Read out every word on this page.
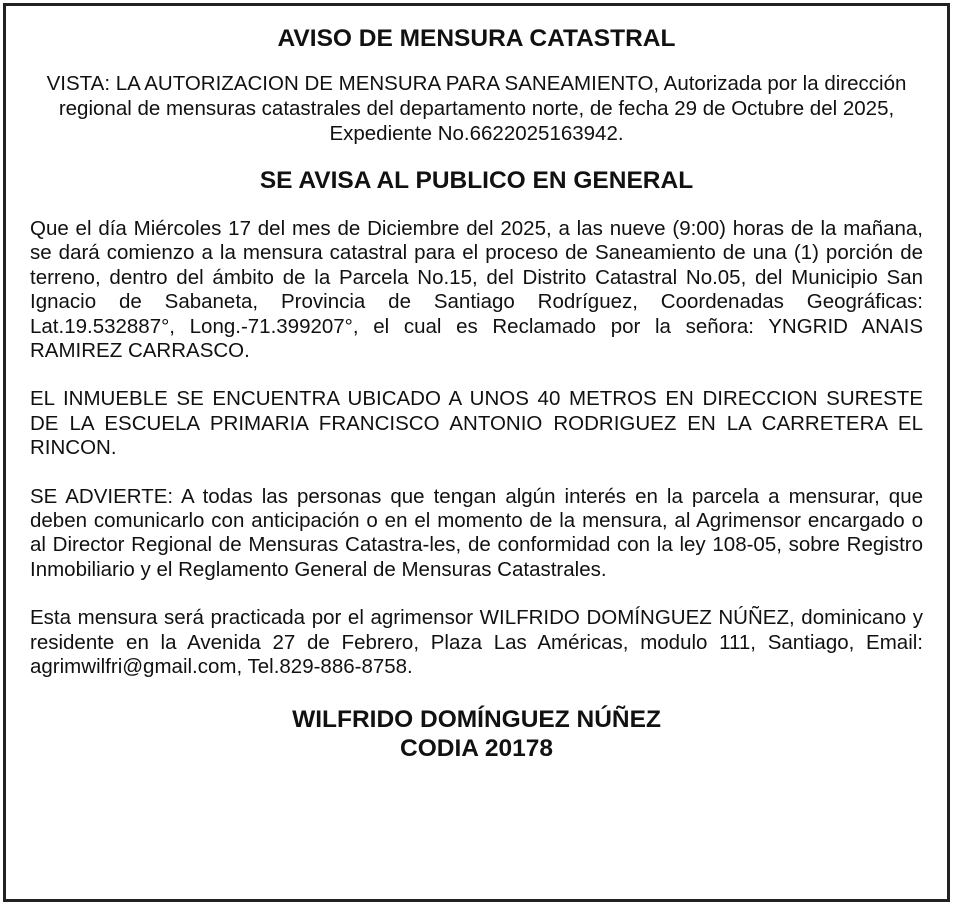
AVISO DE MENSURA CATASTRAL

VISTA: LA AUTORIZACION DE MENSURA PARA SANEAMIENTO, Autorizada por la dirección regional de mensuras catastrales del departamento norte, de fecha 29 de Octubre del 2025, Expediente No.6622025163942.

SE AVISA AL PUBLICO EN GENERAL

Que el día Miércoles 17 del mes de Diciembre del 2025, a las nueve (9:00) horas de la mañana, se dará comienzo a la mensura catastral para el proceso de Saneamiento de una (1) porción de terreno, dentro del ámbito de la Parcela No.15, del Distrito Catastral No.05, del Municipio San Ignacio de Sabaneta, Provincia de Santiago Rodríguez, Coordenadas Geográficas: Lat.19.532887°, Long.-71.399207°, el cual es Reclamado por la señora: YNGRID ANAIS RAMIREZ CARRASCO.

EL INMUEBLE SE ENCUENTRA UBICADO A UNOS 40 METROS EN DIRECCION SURESTE DE LA ESCUELA PRIMARIA FRANCISCO ANTONIO RODRIGUEZ EN LA CARRETERA EL RINCON.

SE ADVIERTE: A todas las personas que tengan algún interés en la parcela a mensurar, que deben comunicarlo con anticipación o en el momento de la mensura, al Agrimensor encargado o al Director Regional de Mensuras Catastra-les, de conformidad con la ley 108-05, sobre Registro Inmobiliario y el Reglamento General de Mensuras Catastrales.

Esta mensura será practicada por el agrimensor WILFRIDO DOMÍNGUEZ NÚÑEZ, dominicano y residente en la Avenida 27 de Febrero, Plaza Las Américas, modulo 111, Santiago, Email: agrimwilfri@gmail.com, Tel.829-886-8758.

WILFRIDO DOMÍNGUEZ NÚÑEZ
CODIA 20178
